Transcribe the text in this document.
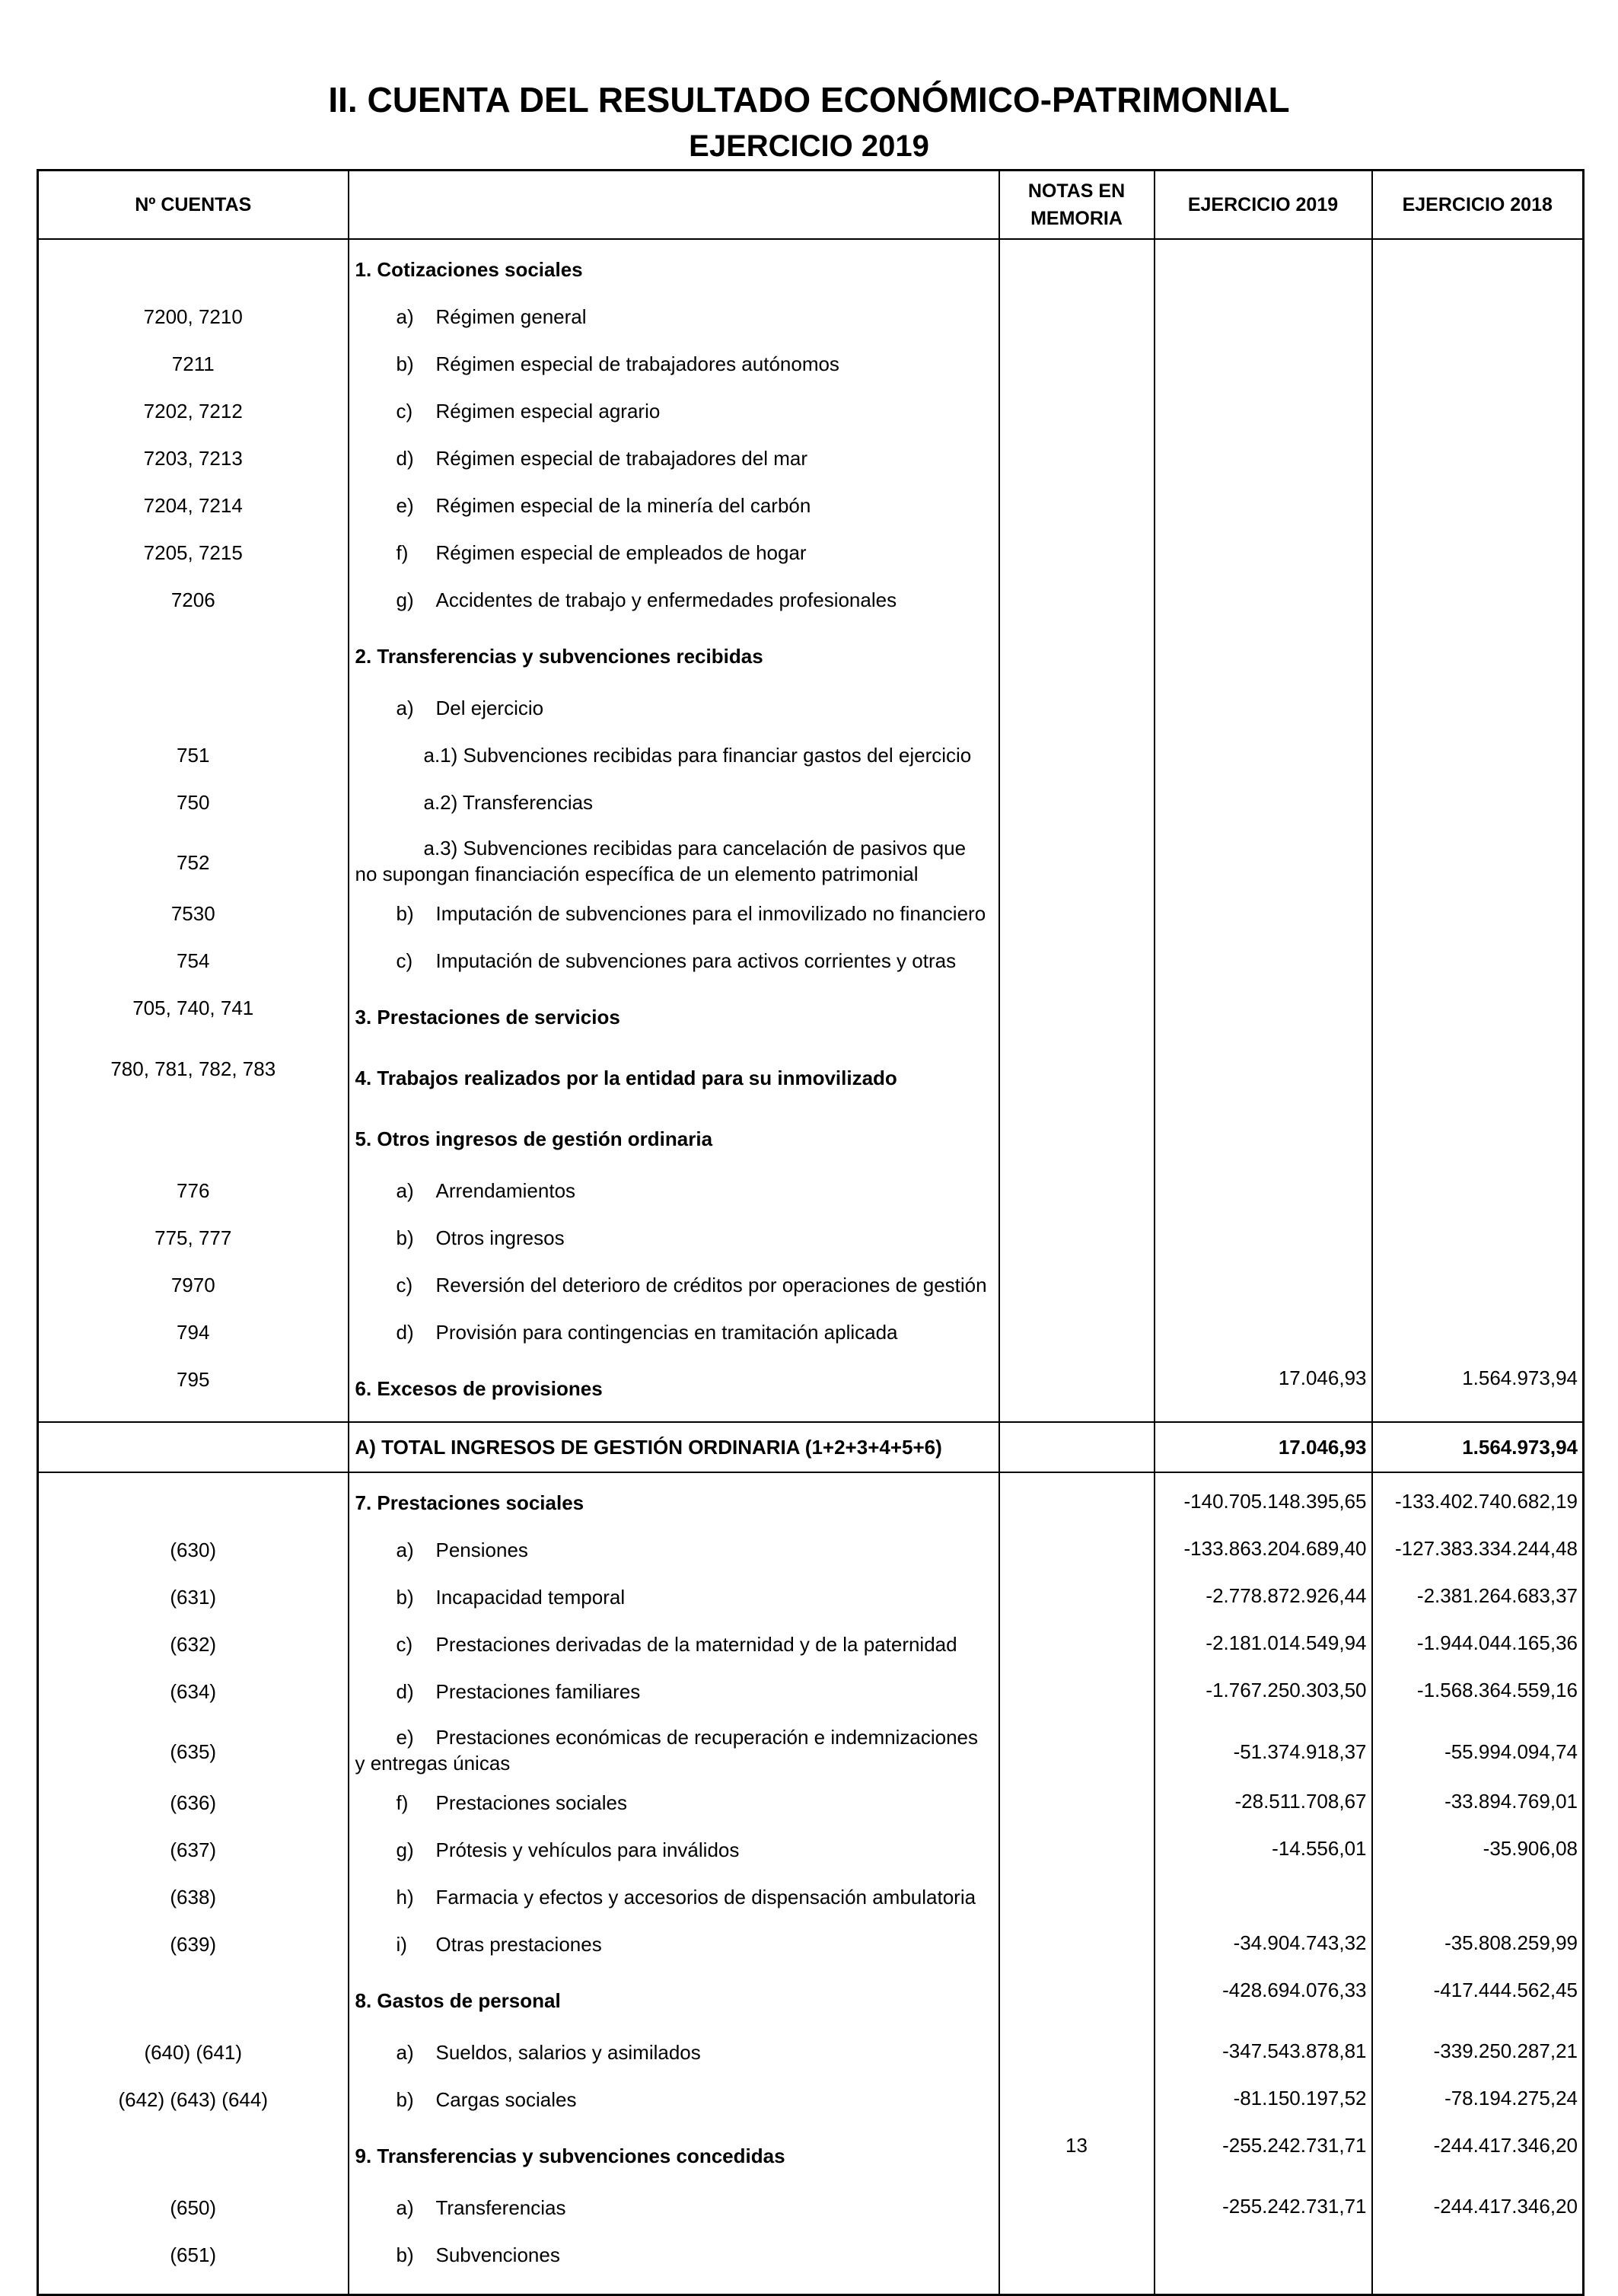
II. CUENTA DEL RESULTADO ECONÓMICO-PATRIMONIAL
EJERCICIO 2019
Nº CUENTAS		NOTAS EN MEMORIA	EJERCICIO 2019	EJERCICIO 2018

	1. Cotizaciones sociales			
7200, 7210	a) Régimen general			
7211	b) Régimen especial de trabajadores autónomos			
7202, 7212	c) Régimen especial agrario			
7203, 7213	d) Régimen especial de trabajadores del mar			
7204, 7214	e) Régimen especial de la minería del carbón			
7205, 7215	f) Régimen especial de empleados de hogar			
7206	g) Accidentes de trabajo y enfermedades profesionales			
	2. Transferencias y subvenciones recibidas			
	a) Del ejercicio			
751	a.1) Subvenciones recibidas para financiar gastos del ejercicio			
750	a.2) Transferencias			
752	a.3) Subvenciones recibidas para cancelación de pasivos que
no supongan financiación específica de un elemento patrimonial			

7530	b) Imputación de subvenciones para el inmovilizado no financiero			
754	c) Imputación de subvenciones para activos corrientes y otras			
705, 740, 741	3. Prestaciones de servicios			
780, 781, 782, 783	4. Trabajos realizados por la entidad para su inmovilizado			
	5. Otros ingresos de gestión ordinaria			
776	a) Arrendamientos			
775, 777	b) Otros ingresos			
7970	c) Reversión del deterioro de créditos por operaciones de gestión			
794	d) Provisión para contingencias en tramitación aplicada			
795	6. Excesos de provisiones		17.046,93	1.564.973,94
	A) TOTAL INGRESOS DE GESTIÓN ORDINARIA (1+2+3+4+5+6)		17.046,93	1.564.973,94

	7. Prestaciones sociales		-140.705.148.395,65	-133.402.740.682,19
(630)	a) Pensiones		-133.863.204.689,40	-127.383.334.244,48
(631)	b) Incapacidad temporal		-2.778.872.926,44	-2.381.264.683,37
(632)	c) Prestaciones derivadas de la maternidad y de la paternidad		-2.181.014.549,94	-1.944.044.165,36
(634)	d) Prestaciones familiares		-1.767.250.303,50	-1.568.364.559,16
(635)	e) Prestaciones económicas de recuperación e indemnizaciones
y entregas únicas		-51.374.918,37	-55.994.094,74
(636)	f) Prestaciones sociales		-28.511.708,67	-33.894.769,01
(637)	g) Prótesis y vehículos para inválidos		-14.556,01	-35.906,08
(638)	h) Farmacia y efectos y accesorios de dispensación ambulatoria			
(639)	i) Otras prestaciones		-34.904.743,32	-35.808.259,99
	8. Gastos de personal		-428.694.076,33	-417.444.562,45
(640) (641)	a) Sueldos, salarios y asimilados		-347.543.878,81	-339.250.287,21
(642) (643) (644)	b) Cargas sociales		-81.150.197,52	-78.194.275,24
	9. Transferencias y subvenciones concedidas	13	-255.242.731,71	-244.417.346,20
(650)	a) Transferencias		-255.242.731,71	-244.417.346,20
(651)	b) Subvenciones			
